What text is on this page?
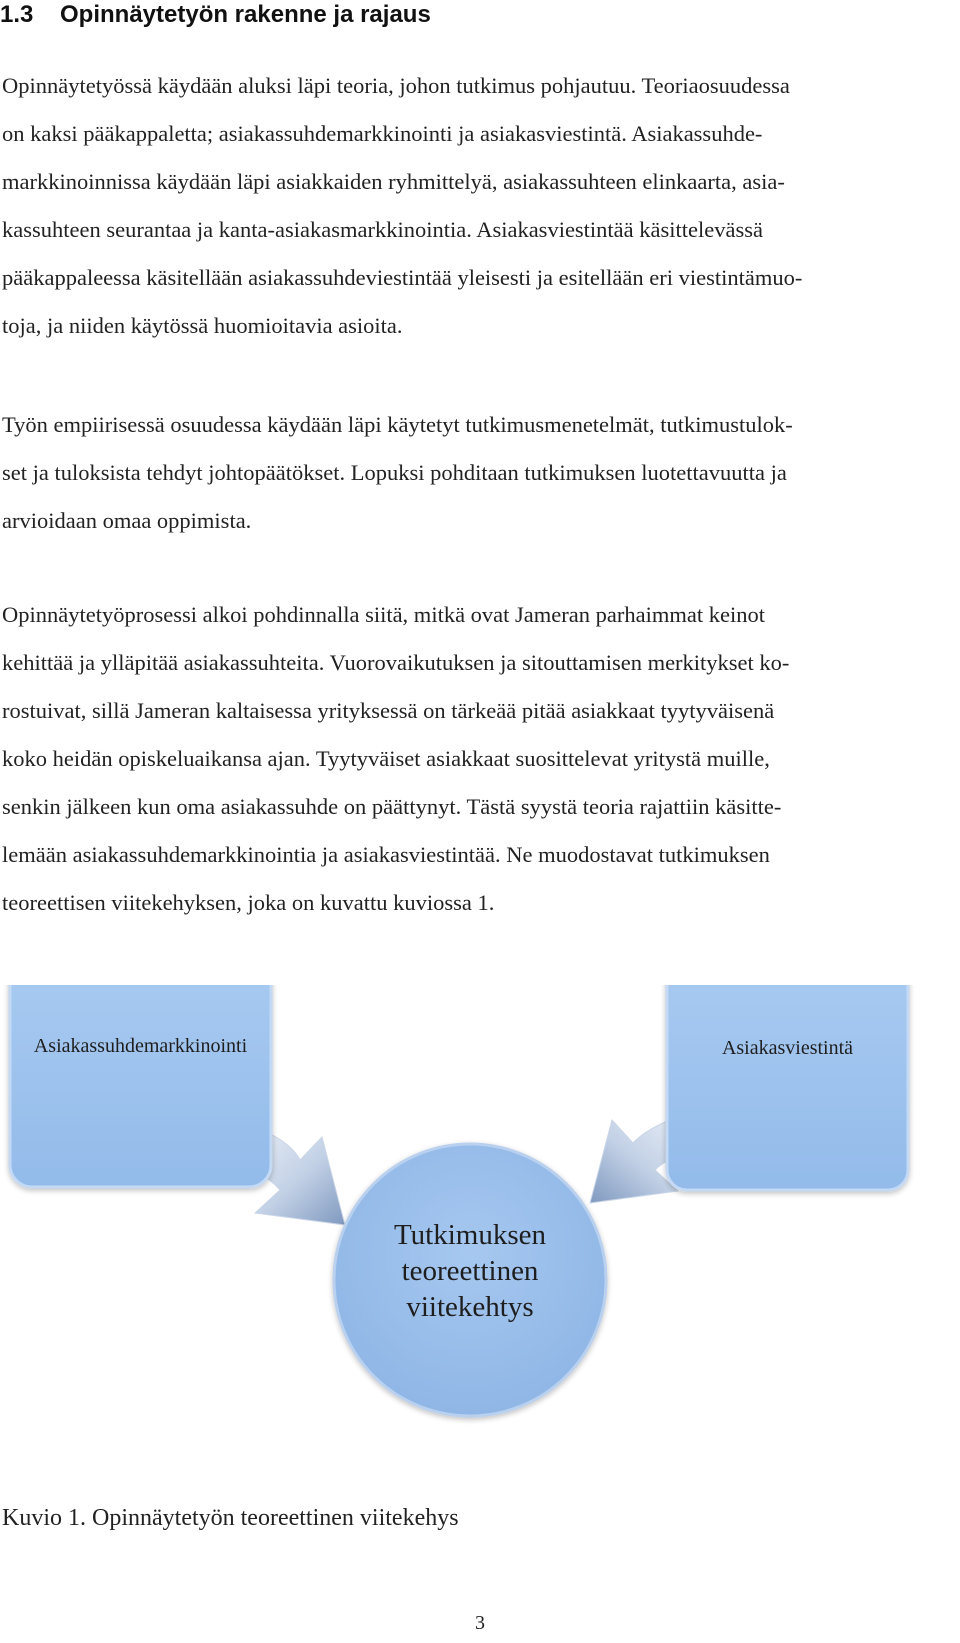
1.3 Opinnäytetyön rakenne ja rajaus

Opinnäytetyössä käydään aluksi läpi teoria, johon tutkimus pohjautuu. Teoriaosuudessa
on kaksi pääkappaletta; asiakassuhdemarkkinointi ja asiakasviestintä. Asiakassuhde-
markkinoinnissa käydään läpi asiakkaiden ryhmittelyä, asiakassuhteen elinkaarta, asia-
kassuhteen seurantaa ja kanta-asiakasmarkkinointia. Asiakasviestintää käsittelevässä
pääkappaleessa käsitellään asiakassuhdeviestintää yleisesti ja esitellään eri viestintämuo-
toja, ja niiden käytössä huomioitavia asioita.

Työn empiirisessä osuudessa käydään läpi käytetyt tutkimusmenetelmät, tutkimustulok-
set ja tuloksista tehdyt johtopäätökset. Lopuksi pohditaan tutkimuksen luotettavuutta ja
arvioidaan omaa oppimista.

Opinnäytetyöprosessi alkoi pohdinnalla siitä, mitkä ovat Jameran parhaimmat keinot
kehittää ja ylläpitää asiakassuhteita. Vuorovaikutuksen ja sitouttamisen merkitykset ko-
rostuivat, sillä Jameran kaltaisessa yrityksessä on tärkeää pitää asiakkaat tyytyväisenä
koko heidän opiskeluaikansa ajan. Tyytyväiset asiakkaat suosittelevat yritystä muille,
senkin jälkeen kun oma asiakassuhde on päättynyt. Tästä syystä teoria rajattiin käsitte-
lemään asiakassuhdemarkkinointia ja asiakasviestintää. Ne muodostavat tutkimuksen
teoreettisen viitekehyksen, joka on kuvattu kuviossa 1.

Asiakassuhdemarkkinointi	Asiakasviestintä
Tutkimuksen
teoreettinen
viitekehtys
Kuvio 1. Opinnäytetyön teoreettinen viitekehys
3
